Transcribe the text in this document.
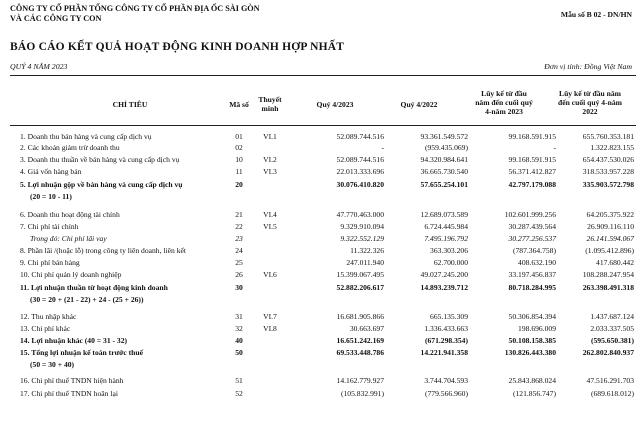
CÔNG TY CỔ PHẦN TỔNG CÔNG TY CỔ PHẦN ĐỊA ỐC SÀI GÒN
VÀ CÁC CÔNG TY CON	Mẫu số B 02 - DN/HN
BÁO CÁO KẾT QUẢ HOẠT ĐỘNG KINH DOANH HỢP NHẤT
QUÝ 4 NĂM 2023	Đơn vị tính: Đồng Việt Nam
CHỈ TIÊU	Mã số
Thuyết
minh	Quý 4/2023	Quý 4/2022
Lũy kế từ đầu
năm đến cuối quý
4-năm 2023
Lũy kế từ đầu năm
đến cuối quý 4-năm
2022
1. Doanh thu bán hàng và cung cấp dịch vụ	01	VI.1	52.089.744.516	93.361.549.572	99.168.591.915	655.760.353.181
2. Các khoản giảm trừ doanh thu	02	-	(959.435.069)	-	1.322.823.155
3. Doanh thu thuần về bán hàng và cung cấp dịch vụ	10	VI.2	52.089.744.516	94.320.984.641	99.168.591.915	654.437.530.026
4. Giá vốn hàng bán	11	VI.3	22.013.333.696	36.665.730.540	56.371.412.827	318.533.957.228
5. Lợi nhuận gộp về bán hàng và cung cấp dịch vụ	20	30.076.410.820	57.655.254.101	42.797.179.088	335.903.572.798
(20 = 10 - 11)
6. Doanh thu hoạt động tài chính	21	VI.4	47.770.463.000	12.689.073.589	102.601.999.256	64.205.375.922
7. Chi phí tài chính	22	VI.5	9.329.910.094	6.724.445.984	30.287.439.564	26.909.116.110
Trong đó: Chi phí lãi vay	23	9.322.552.129	7.495.196.792	30.277.256.537	26.141.594.067
8. Phần lãi /(hoặc lỗ) trong công ty liên doanh, liên kết	24	11.322.326	363.303.206	(787.364.758)	(1.095.412.896)
9. Chi phí bán hàng	25	247.011.940	62.700.000	408.632.190	417.680.442
10. Chi phí quản lý doanh nghiệp	26	VI.6	15.399.067.495	49.027.245.200	33.197.456.837	108.288.247.954
11. Lợi nhuận thuần từ hoạt động kinh doanh	30	52.882.206.617	14.893.239.712	80.718.284.995	263.398.491.318
(30 = 20 + (21 - 22) + 24 - (25 + 26))
12. Thu nhập khác	31	VI.7	16.681.905.866	665.135.309	50.306.854.394	1.437.687.124
13. Chi phí khác	32	VI.8	30.663.697	1.336.433.663	198.696.009	2.033.337.505
14. Lợi nhuận khác (40 = 31 - 32)	40	16.651.242.169	(671.298.354)	50.108.158.385	(595.650.381)
15. Tổng lợi nhuận kế toán trước thuế	50	69.533.448.786	14.221.941.358	130.826.443.380	262.802.840.937
(50 = 30 + 40)
16. Chi phí thuế TNDN hiện hành	51	14.162.779.927	3.744.704.593	25.843.868.024	47.516.291.703
17. Chi phí thuế TNDN hoãn lại	52	(105.832.991)	(779.566.960)	(121.856.747)	(689.618.012)
